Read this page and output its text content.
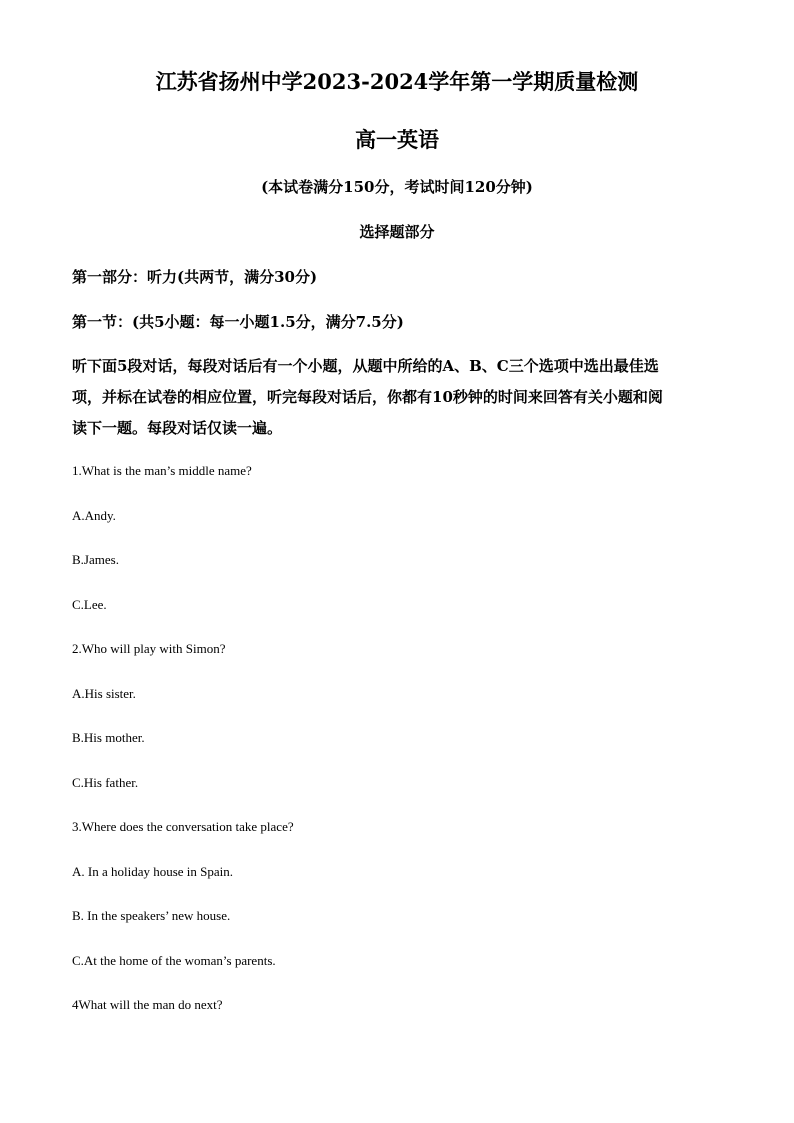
江苏省扬州中学2023-2024学年第一学期质量检测
高一英语
(本试卷满分150分，考试时间120分钟)
选择题部分
第一部分：听力(共两节，满分30分)
第一节：(共5小题：每一小题1.5分，满分7.5分)
听下面5段对话，每段对话后有一个小题，从题中所给的A、B、C三个选项中选出最佳选
项，并标在试卷的相应位置，听完每段对话后，你都有10秒钟的时间来回答有关小题和阅
读下一题。每段对话仅读一遍。
1.What is the man’s middle name?
A.Andy.
B.James.
C.Lee.
2.Who will play with Simon?
A.His sister.
B.His mother.
C.His father.
3.Where does the conversation take place?
A. In a holiday house in Spain.
B. In the speakers’ new house.
C.At the home of the woman’s parents.
4What will the man do next?
